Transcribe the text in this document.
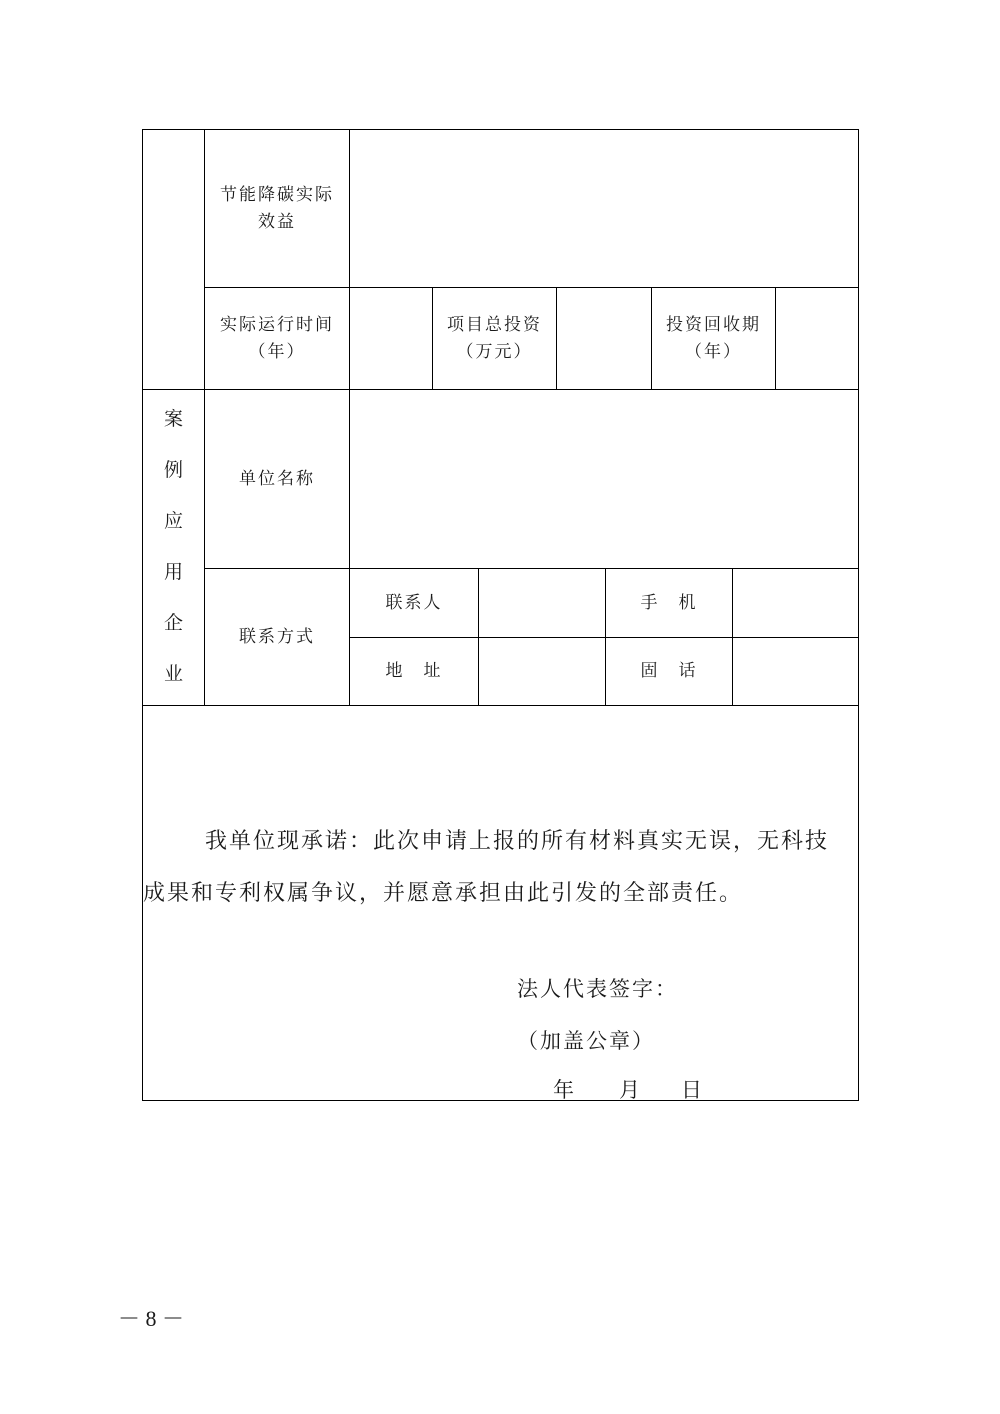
节能降碳实际
效益
实际运行时间
（年）
项目总投资
（万元）
投资回收期
（年）
案
例
应
用
企
业
单位名称
联系方式
联系人	手　机
地　址	固　话
我单位现承诺：此次申请上报的所有材料真实无误，无科技
成果和专利权属争议，并愿意承担由此引发的全部责任。
法人代表签字：
（加盖公章）
年 月 日
－ 8 －
